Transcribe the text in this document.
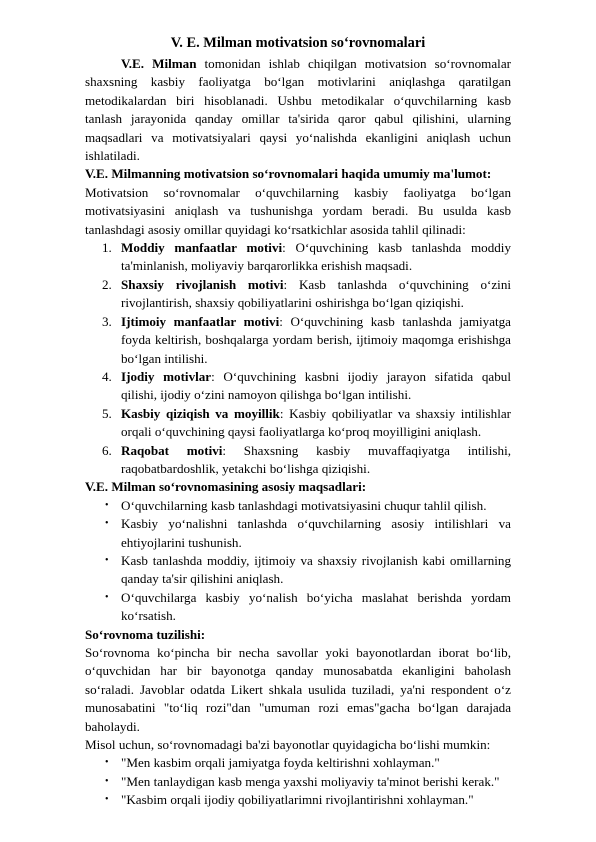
V. E. Milman motivatsion so‘rovnomalari

V.E. Milman tomonidan ishlab chiqilgan motivatsion so‘rovnomalar shaxsning kasbiy faoliyatga bo‘lgan motivlarini aniqlashga qaratilgan metodikalardan biri hisoblanadi. Ushbu metodikalar o‘quvchilarning kasb tanlash jarayonida qanday omillar ta'sirida qaror qabul qilishini, ularning maqsadlari va motivatsiyalari qaysi yo‘nalishda ekanligini aniqlash uchun ishlatiladi.

V.E. Milmanning motivatsion so‘rovnomalari haqida umumiy ma'lumot:

Motivatsion so‘rovnomalar o‘quvchilarning kasbiy faoliyatga bo‘lgan motivatsiyasini aniqlash va tushunishga yordam beradi. Bu usulda kasb tanlashdagi asosiy omillar quyidagi ko‘rsatkichlar asosida tahlil qilinadi:

1. Moddiy manfaatlar motivi: O‘quvchining kasb tanlashda moddiy ta'minlanish, moliyaviy barqarorlikka erishish maqsadi.
2. Shaxsiy rivojlanish motivi: Kasb tanlashda o‘quvchining o‘zini rivojlantirish, shaxsiy qobiliyatlarini oshirishga bo‘lgan qiziqishi.
3. Ijtimoiy manfaatlar motivi: O‘quvchining kasb tanlashda jamiyatga foyda keltirish, boshqalarga yordam berish, ijtimoiy maqomga erishishga bo‘lgan intilishi.
4. Ijodiy motivlar: O‘quvchining kasbni ijodiy jarayon sifatida qabul qilishi, ijodiy o‘zini namoyon qilishga bo‘lgan intilishi.
5. Kasbiy qiziqish va moyillik: Kasbiy qobiliyatlar va shaxsiy intilishlar orqali o‘quvchining qaysi faoliyatlarga ko‘proq moyilligini aniqlash.
6. Raqobat motivi: Shaxsning kasbiy muvaffaqiyatga intilishi, raqobatbardoshlik, yetakchi bo‘lishga qiziqishi.

V.E. Milman so‘rovnomasining asosiy maqsadlari:

• O‘quvchilarning kasb tanlashdagi motivatsiyasini chuqur tahlil qilish.
• Kasbiy yo‘nalishni tanlashda o‘quvchilarning asosiy intilishlari va ehtiyojlarini tushunish.
• Kasb tanlashda moddiy, ijtimoiy va shaxsiy rivojlanish kabi omillarning qanday ta'sir qilishini aniqlash.
• O‘quvchilarga kasbiy yo‘nalish bo‘yicha maslahat berishda yordam ko‘rsatish.

So‘rovnoma tuzilishi:

So‘rovnoma ko‘pincha bir necha savollar yoki bayonotlardan iborat bo‘lib, o‘quvchidan har bir bayonotga qanday munosabatda ekanligini baholash so‘raladi. Javoblar odatda Likert shkala usulida tuziladi, ya'ni respondent o‘z munosabatini "to‘liq rozi"dan "umuman rozi emas"gacha bo‘lgan darajada baholaydi.

Misol uchun, so‘rovnomadagi ba'zi bayonotlar quyidagicha bo‘lishi mumkin:

• "Men kasbim orqali jamiyatga foyda keltirishni xohlayman."
• "Men tanlaydigan kasb menga yaxshi moliyaviy ta'minot berishi kerak."
• "Kasbim orqali ijodiy qobiliyatlarimni rivojlantirishni xohlayman."
